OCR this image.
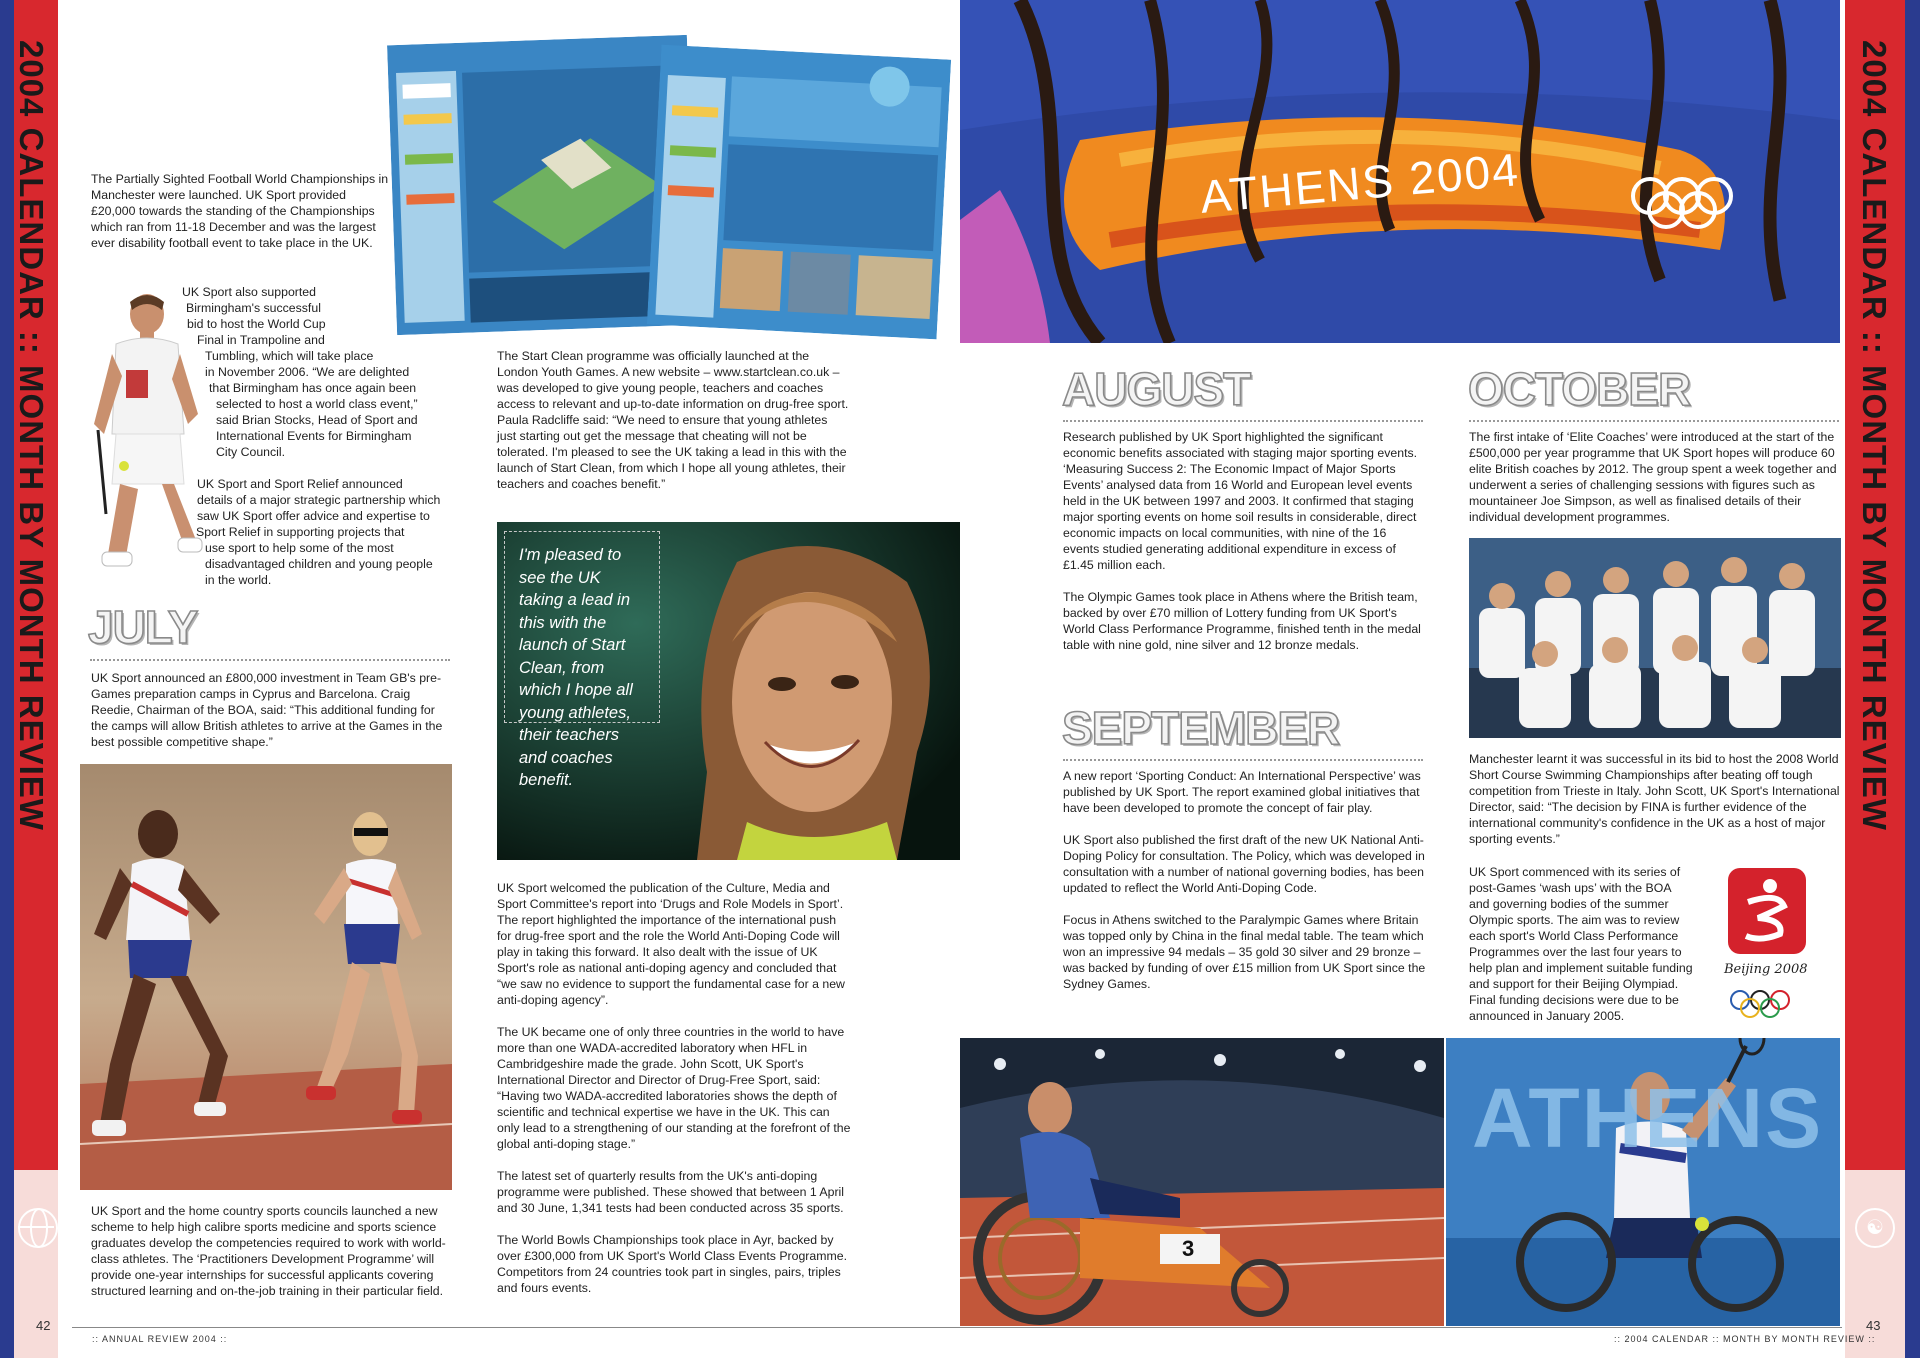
2004 CALENDAR :: MONTH BY MONTH REVIEW
42
2004 CALENDAR :: MONTH BY MONTH REVIEW
☯
43
:: ANNUAL REVIEW 2004 ::	:: 2004 CALENDAR :: MONTH BY MONTH REVIEW ::
The Partially Sighted Football World Championships in Manchester were launched. UK Sport provided £20,000 towards the standing of the Championships which ran from 11-18 December and was the largest ever disability football event to take place in the UK.
UK Sport also supported
Birmingham's successful
bid to host the World Cup
Final in Trampoline and
Tumbling, which will take place
in November 2006. “We are delighted
that Birmingham has once again been
selected to host a world class event,”
said Brian Stocks, Head of Sport and
International Events for Birmingham
City Council.
UK Sport and Sport Relief announced
details of a major strategic partnership which
saw UK Sport offer advice and expertise to
Sport Relief in supporting projects that
use sport to help some of the most
disadvantaged children and young people
in the world.
JULY
UK Sport announced an £800,000 investment in Team GB's pre-Games preparation camps in Cyprus and Barcelona. Craig Reedie, Chairman of the BOA, said: “This additional funding for the camps will allow British athletes to arrive at the Games in the best possible competitive shape.”
UK Sport and the home country sports councils launched a new scheme to help high calibre sports medicine and sports science graduates develop the competencies required to work with world-class athletes. The ‘Practitioners Development Programme’ will provide one-year internships for successful applicants covering structured learning and on-the-job training in their particular field.
The Start Clean programme was officially launched at the London Youth Games. A new website – www.startclean.co.uk – was developed to give young people, teachers and coaches access to relevant and up-to-date information on drug-free sport. Paula Radcliffe said: “We need to ensure that young athletes just starting out get the message that cheating will not be tolerated. I'm pleased to see the UK taking a lead in this with the launch of Start Clean, from which I hope all young athletes, their teachers and coaches benefit.”
I'm pleased to see the UK taking a lead in this with the launch of Start Clean, from which I hope all young athletes, their teachers and coaches benefit.

UK Sport welcomed the publication of the Culture, Media and Sport Committee's report into ‘Drugs and Role Models in Sport’. The report highlighted the importance of the international push for drug-free sport and the role the World Anti-Doping Code will play in taking this forward. It also dealt with the issue of UK Sport's role as national anti-doping agency and concluded that “we saw no evidence to support the fundamental case for a new anti-doping agency”.

The UK became one of only three countries in the world to have more than one WADA-accredited laboratory when HFL in Cambridgeshire made the grade. John Scott, UK Sport's International Director and Director of Drug-Free Sport, said: “Having two WADA-accredited laboratories shows the depth of scientific and technical expertise we have in the UK. This can only lead to a strengthening of our standing at the forefront of the global anti-doping stage.”

The latest set of quarterly results from the UK's anti-doping programme were published. These showed that between 1 April and 30 June, 1,341 tests had been conducted across 35 sports.

The World Bowls Championships took place in Ayr, backed by over £300,000 from UK Sport's World Class Events Programme. Competitors from 24 countries took part in singles, pairs, triples and fours events.

ATHENS 2004
AUGUST

Research published by UK Sport highlighted the significant economic benefits associated with staging major sporting events. ‘Measuring Success 2: The Economic Impact of Major Sports Events’ analysed data from 16 World and European level events held in the UK between 1997 and 2003. It confirmed that staging major sporting events on home soil results in considerable, direct economic impacts on local communities, with nine of the 16 events studied generating additional expenditure in excess of £1.45 million each.

The Olympic Games took place in Athens where the British team, backed by over £70 million of Lottery funding from UK Sport's World Class Performance Programme, finished tenth in the medal table with nine gold, nine silver and 12 bronze medals.

SEPTEMBER

A new report ‘Sporting Conduct: An International Perspective’ was published by UK Sport. The report examined global initiatives that have been developed to promote the concept of fair play.

UK Sport also published the first draft of the new UK National Anti-Doping Policy for consultation. The Policy, which was developed in consultation with a number of national governing bodies, has been updated to reflect the World Anti-Doping Code.

Focus in Athens switched to the Paralympic Games where Britain was topped only by China in the final medal table. The team which won an impressive 94 medals – 35 gold 30 silver and 29 bronze – was backed by funding of over £15 million from UK Sport since the Sydney Games.

OCTOBER
The first intake of ‘Elite Coaches’ were introduced at the start of the £500,000 per year programme that UK Sport hopes will produce 60 elite British coaches by 2012. The group spent a week together and underwent a series of challenging sessions with figures such as mountaineer Joe Simpson, as well as finalised details of their individual development programmes.
Manchester learnt it was successful in its bid to host the 2008 World Short Course Swimming Championships after beating off tough competition from Trieste in Italy. John Scott, UK Sport's International Director, said: “The decision by FINA is further evidence of the international community's confidence in the UK as a host of major sporting events.”
UK Sport commenced with its series of
post-Games ‘wash ups’ with the BOA
and governing bodies of the summer
Olympic sports. The aim was to review
each sport's World Class Performance
Programmes over the last four years to
help plan and implement suitable funding
and support for their Beijing Olympiad.
Final funding decisions were due to be
announced in January 2005.
Beijing 2008
3
ATHENS
